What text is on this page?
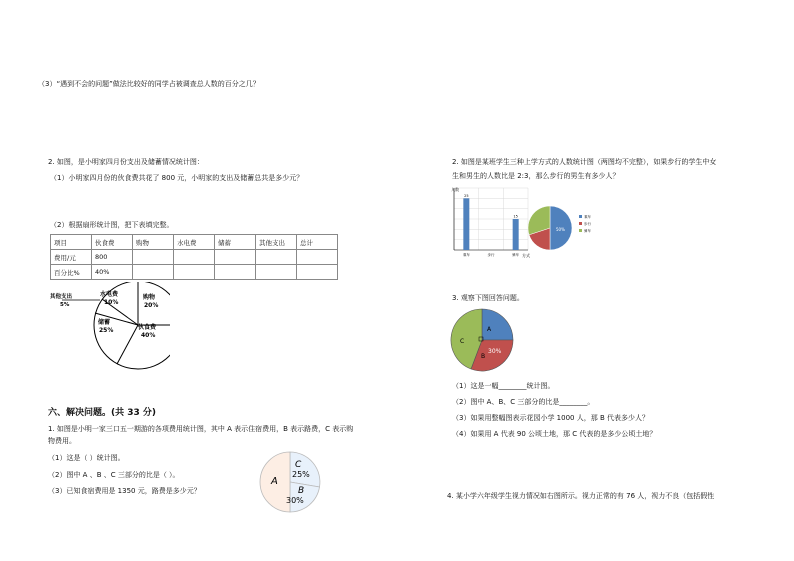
（3）“遇到不会的问题”做法比较好的同学占被调查总人数的百分之几？
2. 如图，是小明家四月份支出及储蓄情况统计图：
（1）小明家四月份的伙食费共花了 800 元，小明家的支出及储蓄总共是多少元？
（2）根据扇形统计图，把下表填完整。
项目	伙食费	购物	水电费	储蓄	其他支出	总计
费用/元	800					
百分比%	40%					
其他支出
5%
水电费
10%
购物
20%
储蓄
25%	伙食费
40%
六、解决问题。(共 33 分)
1. 如图是小明一家三口五一期游的各项费用统计图，其中 A 表示住宿费用，B 表示路费，C 表示购
物费用。
（1）这是（ ）统计图。
（2）图中 A 、B 、C 三部分的比是（ ）。
（3）已知食宿费用是 1350 元，路费是多少元？
A
C
25%
B
30%
2. 如图是某班学生三种上学方式的人数统计图（两图均不完整），如果步行的学生中女
生和男生的人数比是 2:3，那么步行的男生有多少人？
人数
方式
25
乘车	步行
15
骑车
50%
乘车
步行
骑车
3. 观察下图回答问题。
A
C
B
30%
（1）这是一幅________统计图。
（2）图中 A、B、C 三部分的比是________。
（3）如果用整幅图表示花园小学 1000 人，那 B 代表多少人？
（4）如果用 A 代表 90 公顷土地，那 C 代表的是多少公顷土地？
4. 某小学六年级学生视力情况如右图所示。视力正常的有 76 人，视力不良（包括假性
